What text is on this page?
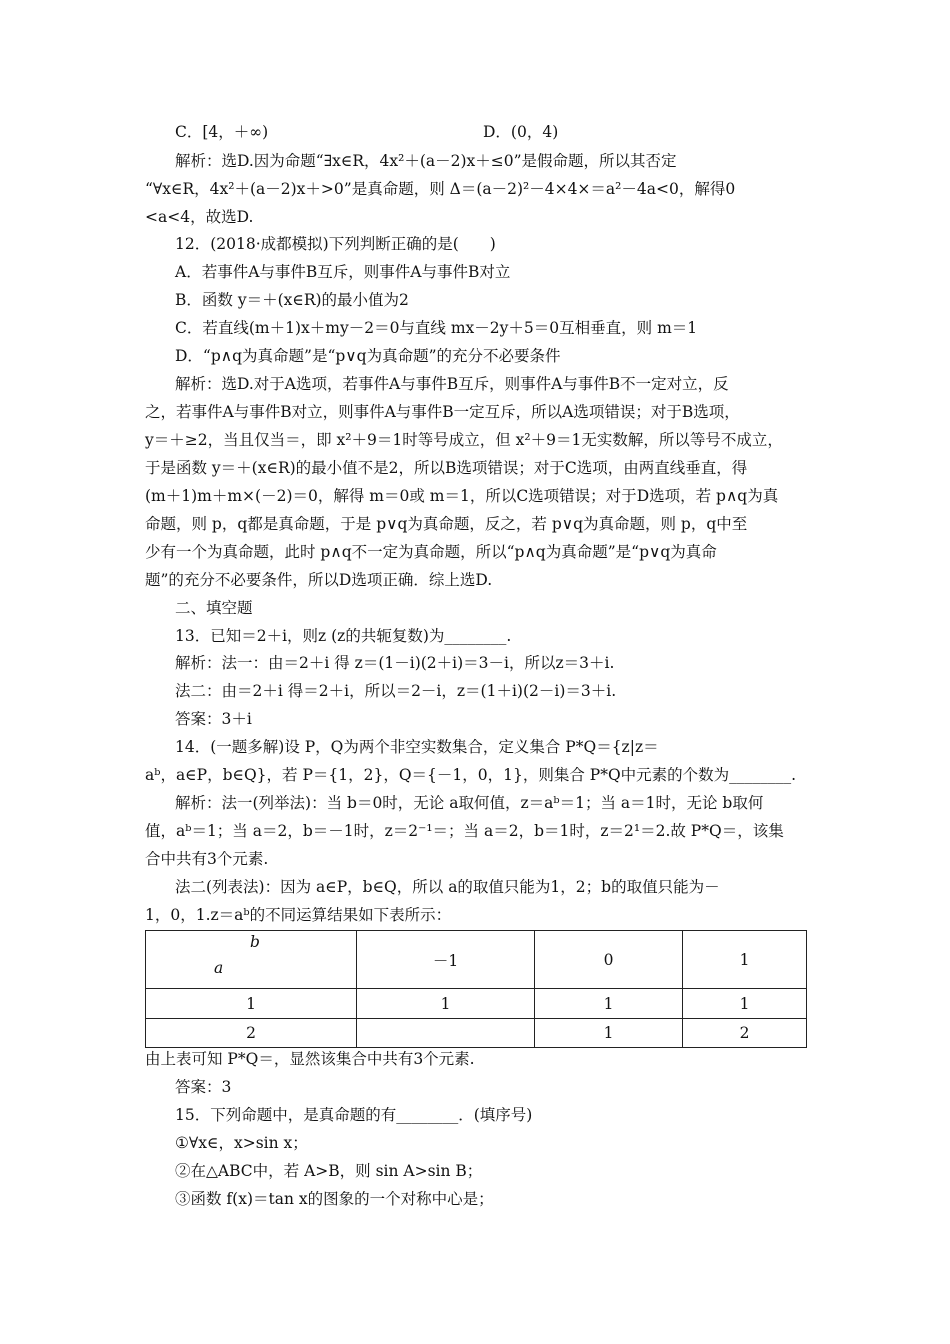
C．[4，＋∞)	D．(0，4)
解析：选D.因为命题“∃x∈R，4x²＋(a－2)x＋≤0”是假命题，所以其否定
“∀x∈R，4x²＋(a－2)x＋>0”是真命题，则 Δ＝(a－2)²－4×4×＝a²－4a<0，解得0
<a<4，故选D.
12．(2018·成都模拟)下列判断正确的是(　　)
A．若事件A与事件B互斥，则事件A与事件B对立
B．函数 y＝＋(x∈R)的最小值为2
C．若直线(m＋1)x＋my－2＝0与直线 mx－2y＋5＝0互相垂直，则 m＝1
D．“p∧q为真命题”是“p∨q为真命题”的充分不必要条件
解析：选D.对于A选项，若事件A与事件B互斥，则事件A与事件B不一定对立，反
之，若事件A与事件B对立，则事件A与事件B一定互斥，所以A选项错误；对于B选项，
y＝＋≥2，当且仅当＝，即 x²＋9＝1时等号成立，但 x²＋9＝1无实数解，所以等号不成立，
于是函数 y＝＋(x∈R)的最小值不是2，所以B选项错误；对于C选项，由两直线垂直，得
(m＋1)m＋m×(－2)＝0，解得 m＝0或 m＝1，所以C选项错误；对于D选项，若 p∧q为真
命题，则 p，q都是真命题，于是 p∨q为真命题，反之，若 p∨q为真命题，则 p，q中至
少有一个为真命题，此时 p∧q不一定为真命题，所以“p∧q为真命题”是“p∨q为真命
题”的充分不必要条件，所以D选项正确．综上选D.
二、填空题
13．已知＝2＋i，则z (z的共轭复数)为________.
解析：法一：由＝2＋i 得 z＝(1－i)(2＋i)＝3－i，所以z＝3＋i.
法二：由＝2＋i 得＝2＋i，所以＝2－i，z＝(1＋i)(2－i)＝3＋i.
答案：3＋i
14．(一题多解)设 P，Q为两个非空实数集合，定义集合 P*Q＝{z|z＝
aᵇ，a∈P，b∈Q}，若 P＝{1，2}，Q＝{－1，0，1}，则集合 P*Q中元素的个数为________.
解析：法一(列举法)：当 b＝0时，无论 a取何值，z＝aᵇ＝1；当 a＝1时，无论 b取何
值，aᵇ＝1；当 a＝2，b＝－1时，z＝2⁻¹＝；当 a＝2，b＝1时，z＝2¹＝2.故 P*Q＝，该集
合中共有3个元素.
法二(列表法)：因为 a∈P，b∈Q，所以 a的取值只能为1，2；b的取值只能为－
1，0，1.z＝aᵇ的不同运算结果如下表所示：
b
a	－1	0	1
1	1	1	1
2		1	2
由上表可知 P*Q＝，显然该集合中共有3个元素.
答案：3
15．下列命题中，是真命题的有________．(填序号)
①∀x∈，x>sin x；
②在△ABC中，若 A>B，则 sin A>sin B；
③函数 f(x)＝tan x的图象的一个对称中心是；
